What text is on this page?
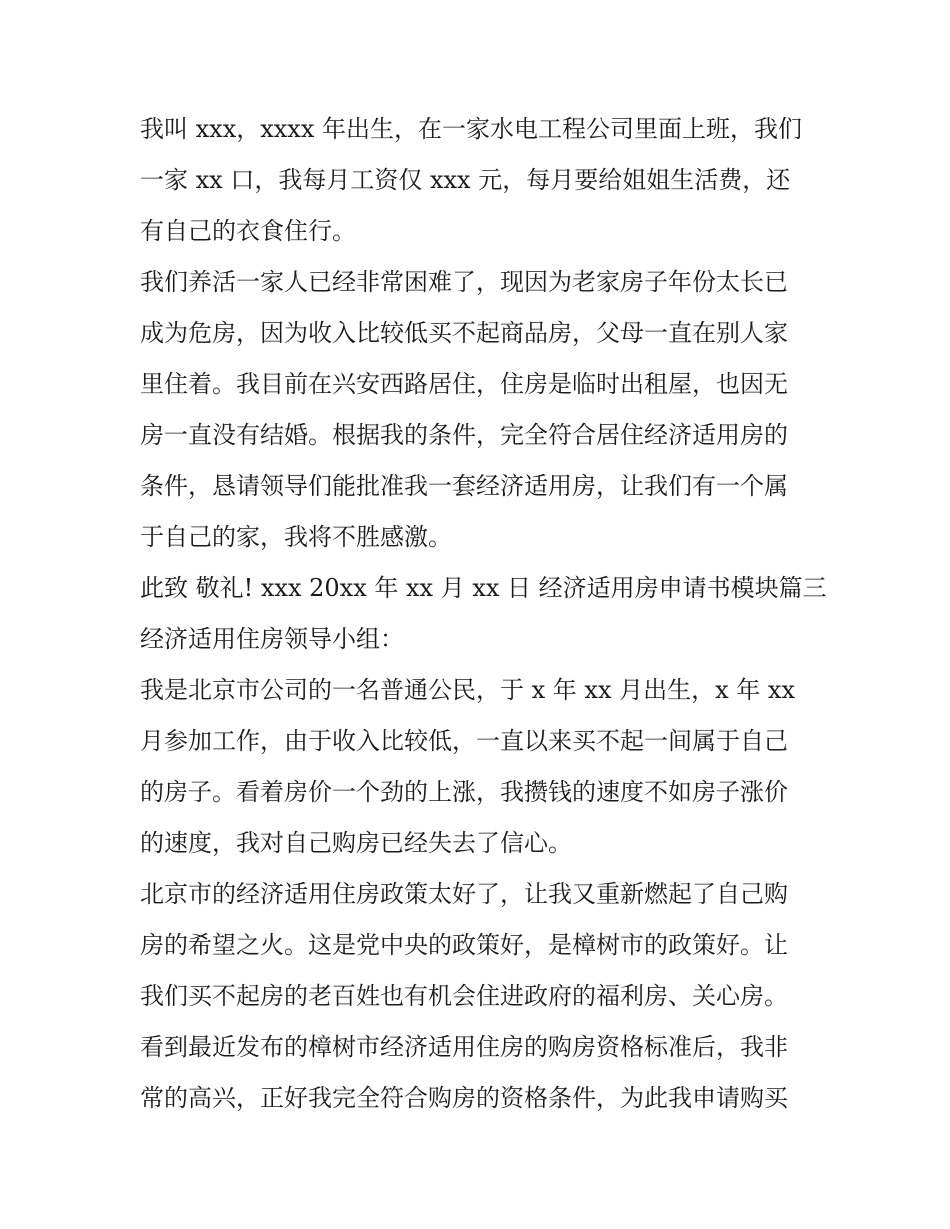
我叫 xxx，xxxx 年出生，在一家水电工程公司里面上班，我们
一家 xx 口，我每月工资仅 xxx 元，每月要给姐姐生活费，还
有自己的衣食住行。

我们养活一家人已经非常困难了，现因为老家房子年份太长已
成为危房，因为收入比较低买不起商品房，父母一直在别人家
里住着。我目前在兴安西路居住，住房是临时出租屋，也因无
房一直没有结婚。根据我的条件，完全符合居住经济适用房的
条件，恳请领导们能批准我一套经济适用房，让我们有一个属
于自己的家，我将不胜感激。

此致 敬礼! xxx 20xx 年 xx 月 xx 日 经济适用房申请书模块篇三

经济适用住房领导小组：

我是北京市公司的一名普通公民，于 x 年 xx 月出生，x 年 xx
月参加工作，由于收入比较低，一直以来买不起一间属于自己
的房子。看着房价一个劲的上涨，我攒钱的速度不如房子涨价
的速度，我对自己购房已经失去了信心。

北京市的经济适用住房政策太好了，让我又重新燃起了自己购
房的希望之火。这是党中央的政策好，是樟树市的政策好。让
我们买不起房的老百姓也有机会住进政府的福利房、关心房。
看到最近发布的樟树市经济适用住房的购房资格标准后，我非
常的高兴，正好我完全符合购房的资格条件，为此我申请购买
